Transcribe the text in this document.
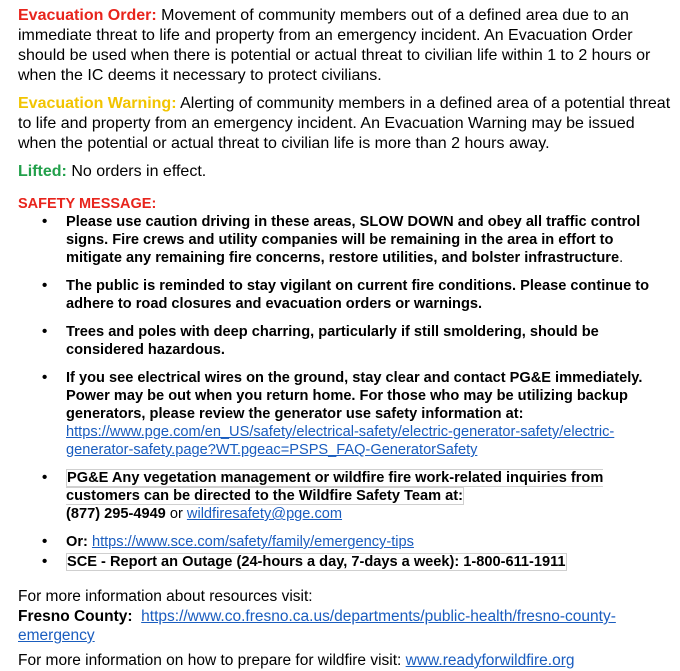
Evacuation Order: Movement of community members out of a defined area due to an immediate threat to life and property from an emergency incident. An Evacuation Order should be used when there is potential or actual threat to civilian life within 1 to 2 hours or when the IC deems it necessary to protect civilians.

Evacuation Warning: Alerting of community members in a defined area of a potential threat to life and property from an emergency incident. An Evacuation Warning may be issued when the potential or actual threat to civilian life is more than 2 hours away.

Lifted: No orders in effect.

SAFETY MESSAGE:
• Please use caution driving in these areas, SLOW DOWN and obey all traffic control signs. Fire crews and utility companies will be remaining in the area in effort to mitigate any remaining fire concerns, restore utilities, and bolster infrastructure.
• The public is reminded to stay vigilant on current fire conditions. Please continue to adhere to road closures and evacuation orders or warnings.
• Trees and poles with deep charring, particularly if still smoldering, should be considered hazardous.
• If you see electrical wires on the ground, stay clear and contact PG&E immediately. Power may be out when you return home. For those who may be utilizing backup generators, please review the generator use safety information at: https://www.pge.com/en_US/safety/electrical-safety/electric-generator-safety/electric-generator-safety.page?WT.pgeac=PSPS_FAQ-GeneratorSafety
• PG&E Any vegetation management or wildfire fire work-related inquiries from customers can be directed to the Wildfire Safety Team at:
(877) 295-4949 or wildfiresafety@pge.com
• Or: https://www.sce.com/safety/family/emergency-tips
• SCE - Report an Outage (24-hours a day, 7-days a week): 1-800-611-1911

For more information about resources visit:

Fresno County: https://www.co.fresno.ca.us/departments/public-health/fresno-county-emergency

For more information on how to prepare for wildfire visit: www.readyforwildfire.org
